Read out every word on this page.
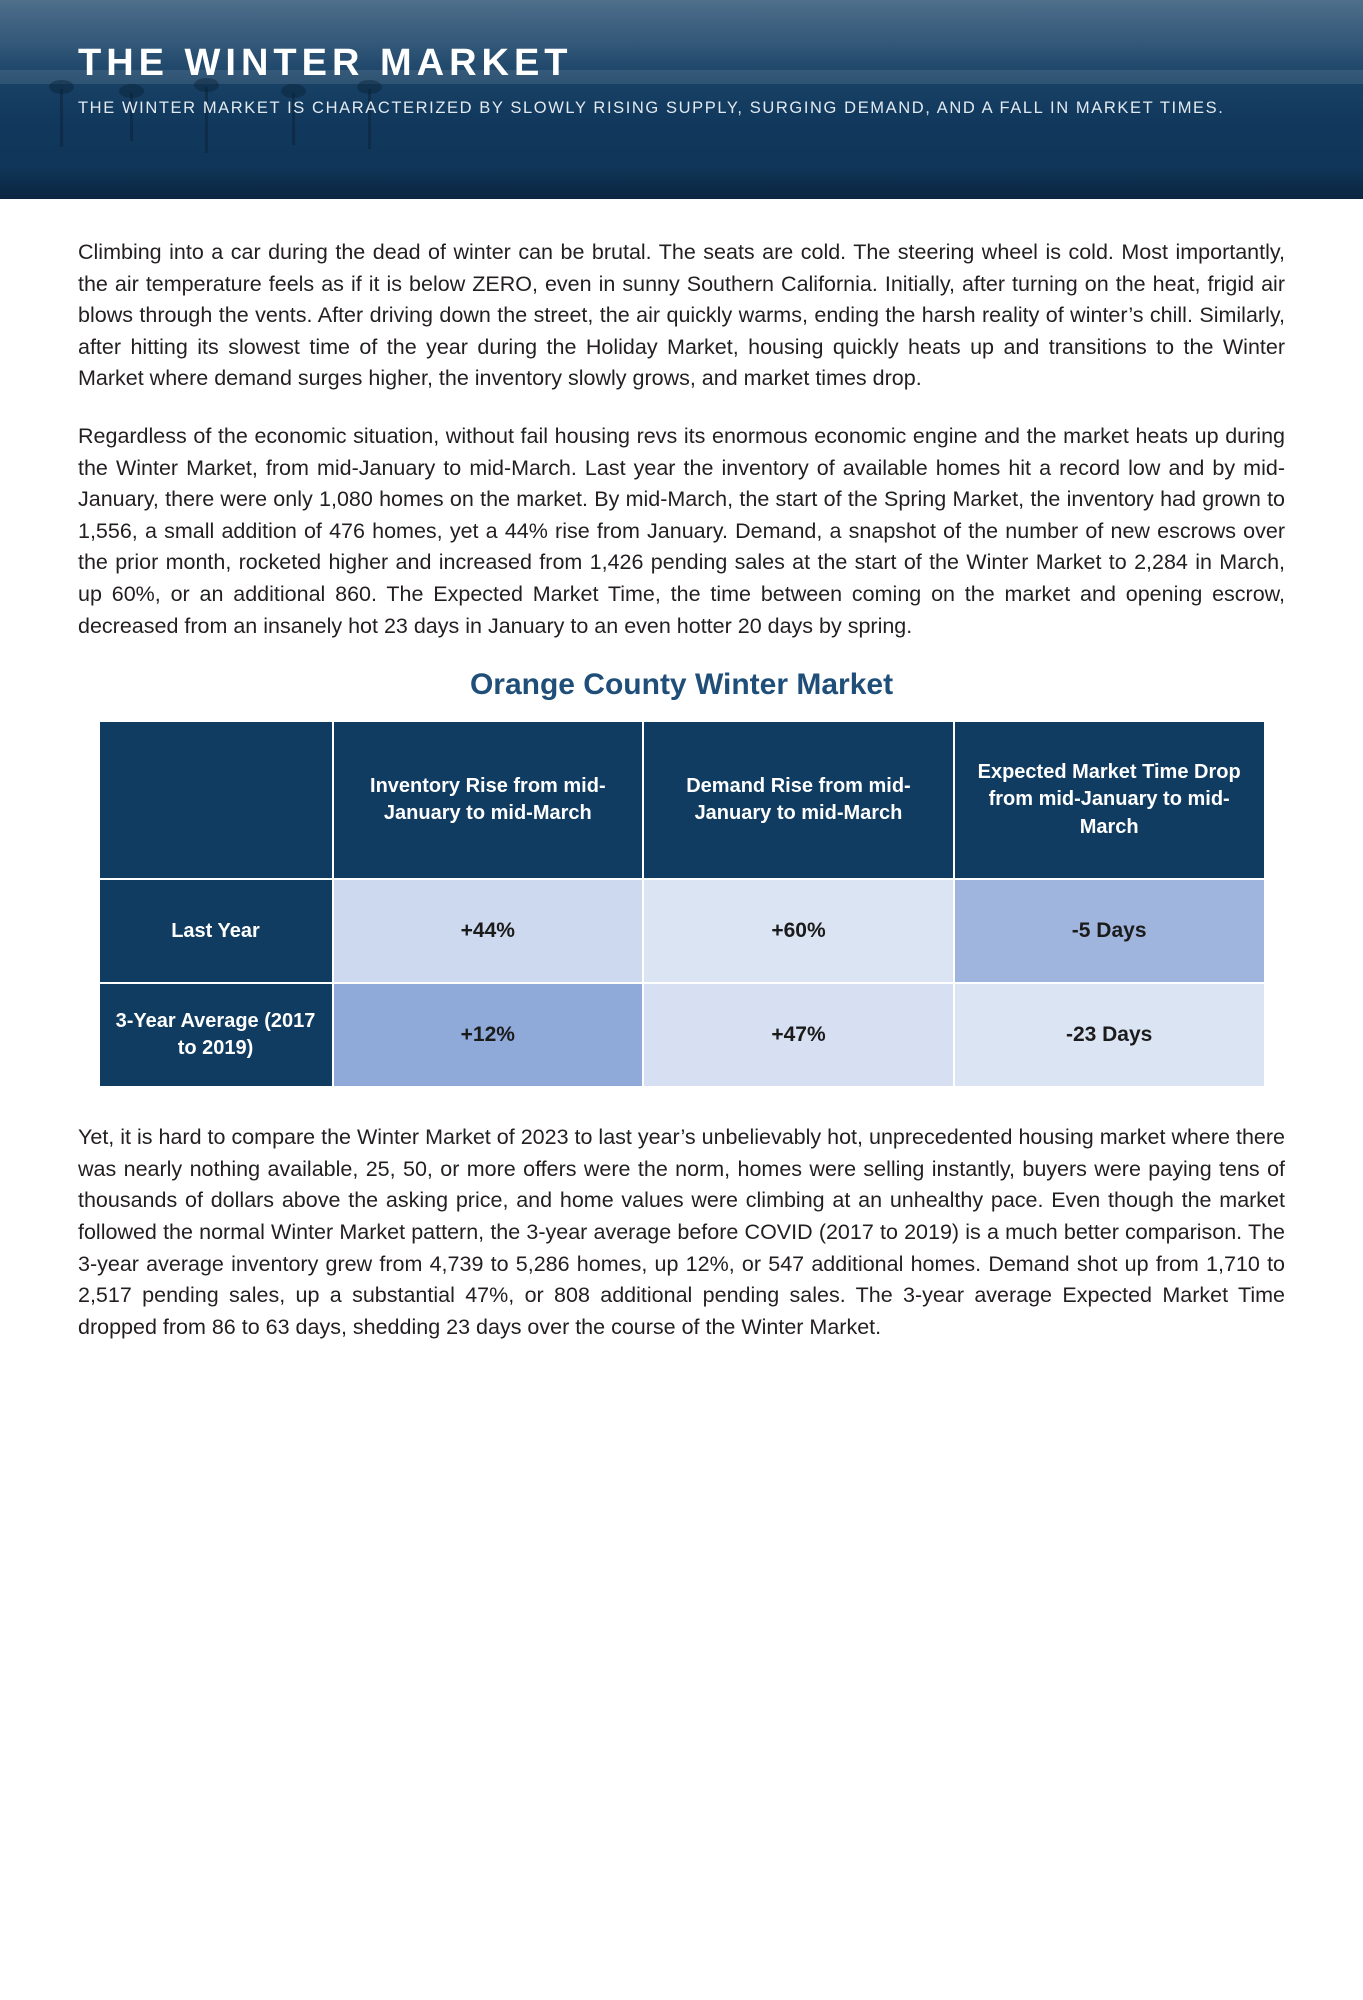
THE WINTER MARKET

THE WINTER MARKET IS CHARACTERIZED BY SLOWLY RISING SUPPLY, SURGING DEMAND, AND A FALL IN MARKET TIMES.

Climbing into a car during the dead of winter can be brutal. The seats are cold. The steering wheel is cold. Most importantly, the air temperature feels as if it is below ZERO, even in sunny Southern California. Initially, after turning on the heat, frigid air blows through the vents. After driving down the street, the air quickly warms, ending the harsh reality of winter’s chill. Similarly, after hitting its slowest time of the year during the Holiday Market, housing quickly heats up and transitions to the Winter Market where demand surges higher, the inventory slowly grows, and market times drop.

Regardless of the economic situation, without fail housing revs its enormous economic engine and the market heats up during the Winter Market, from mid-January to mid-March. Last year the inventory of available homes hit a record low and by mid-January, there were only 1,080 homes on the market. By mid-March, the start of the Spring Market, the inventory had grown to 1,556, a small addition of 476 homes, yet a 44% rise from January. Demand, a snapshot of the number of new escrows over the prior month, rocketed higher and increased from 1,426 pending sales at the start of the Winter Market to 2,284 in March, up 60%, or an additional 860. The Expected Market Time, the time between coming on the market and opening escrow, decreased from an insanely hot 23 days in January to an even hotter 20 days by spring.

Orange County Winter Market
	Inventory Rise from mid-January to mid-March	Demand Rise from mid-January to mid-March	Expected Market Time Drop from mid-January to mid-March
Last Year	+44%	+60%	-5 Days
3-Year Average (2017 to 2019)	+12%	+47%	-23 Days

Yet, it is hard to compare the Winter Market of 2023 to last year’s unbelievably hot, unprecedented housing market where there was nearly nothing available, 25, 50, or more offers were the norm, homes were selling instantly, buyers were paying tens of thousands of dollars above the asking price, and home values were climbing at an unhealthy pace. Even though the market followed the normal Winter Market pattern, the 3-year average before COVID (2017 to 2019) is a much better comparison. The 3-year average inventory grew from 4,739 to 5,286 homes, up 12%, or 547 additional homes. Demand shot up from 1,710 to 2,517 pending sales, up a substantial 47%, or 808 additional pending sales. The 3-year average Expected Market Time dropped from 86 to 63 days, shedding 23 days over the course of the Winter Market.
